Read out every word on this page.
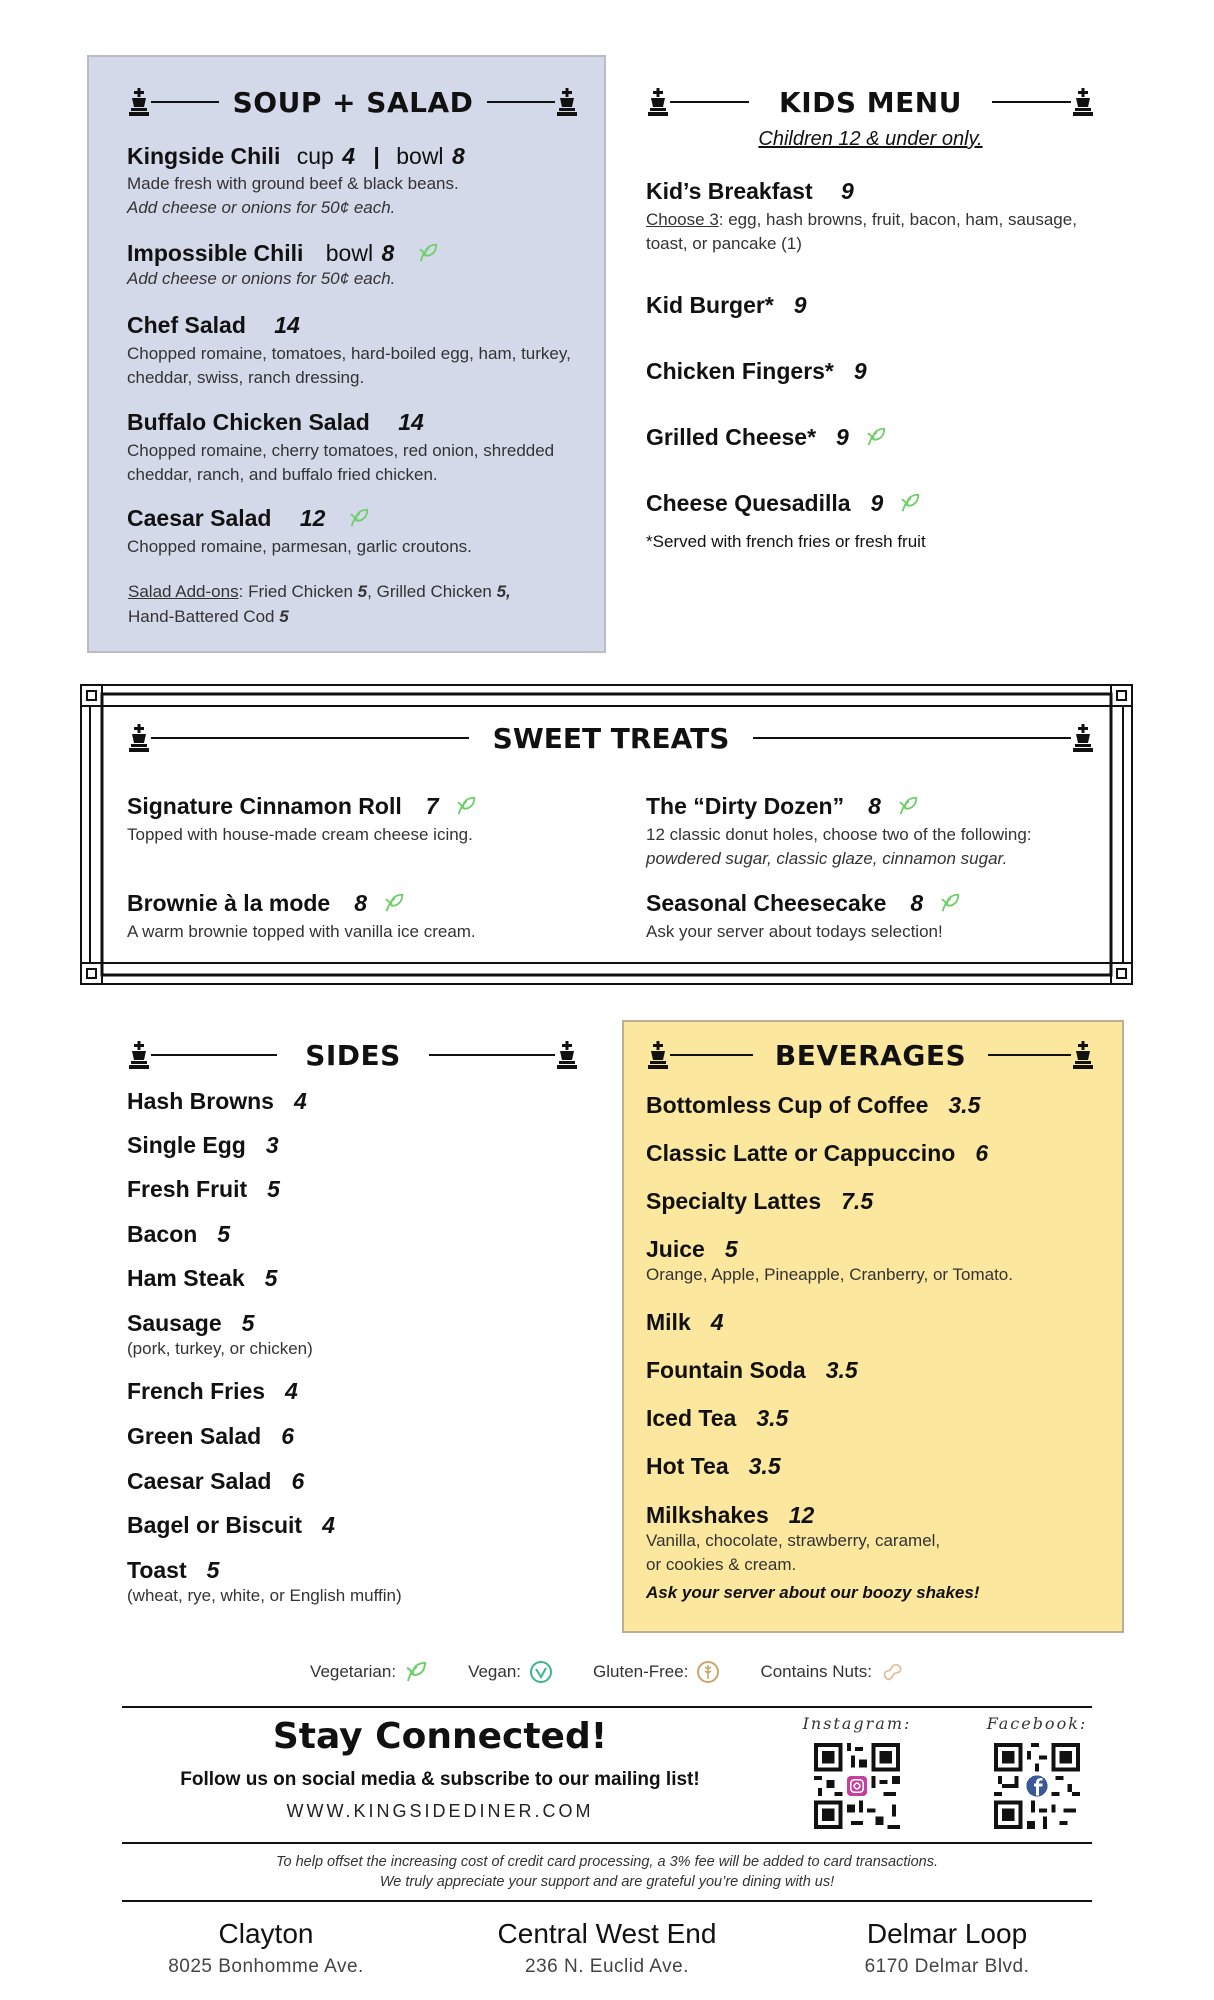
SOUP + SALAD
Kingside Chili cup 4 | bowl 8
Made fresh with ground beef & black beans.
Add cheese or onions for 50¢ each.
Impossible Chili bowl 8
Add cheese or onions for 50¢ each.
Chef Salad 14
Chopped romaine, tomatoes, hard-boiled egg, ham, turkey, cheddar, swiss, ranch dressing.
Buffalo Chicken Salad 14
Chopped romaine, cherry tomatoes, red onion, shredded cheddar, ranch, and buffalo fried chicken.
Caesar Salad 12
Chopped romaine, parmesan, garlic croutons.
Salad Add-ons: Fried Chicken 5, Grilled Chicken 5,
Hand-Battered Cod 5
KIDS MENU
Children 12 & under only.
Kid’s Breakfast 9
Choose 3: egg, hash browns, fruit, bacon, ham, sausage, toast, or pancake (1)
Kid Burger* 9
Chicken Fingers* 9
Grilled Cheese* 9
Cheese Quesadilla 9
*Served with french fries or fresh fruit
SWEET TREATS
Signature Cinnamon Roll 7
Topped with house-made cream cheese icing.
The “Dirty Dozen” 8
12 classic donut holes, choose two of the following:
powdered sugar, classic glaze, cinnamon sugar.
Brownie à la mode 8
A warm brownie topped with vanilla ice cream.
Seasonal Cheesecake 8
Ask your server about todays selection!
SIDES
Hash Browns 4
Single Egg 3
Fresh Fruit 5
Bacon 5
Ham Steak 5
Sausage 5
(pork, turkey, or chicken)
French Fries 4
Green Salad 6
Caesar Salad 6
Bagel or Biscuit 4
Toast 5
(wheat, rye, white, or English muffin)
BEVERAGES
Bottomless Cup of Coffee 3.5
Classic Latte or Cappuccino 6
Specialty Lattes 7.5
Juice 5
Orange, Apple, Pineapple, Cranberry, or Tomato.
Milk 4
Fountain Soda 3.5
Iced Tea 3.5
Hot Tea 3.5
Milkshakes 12
Vanilla, chocolate, strawberry, caramel,
or cookies & cream.
Ask your server about our boozy shakes!
Vegetarian:	Vegan:	Gluten-Free:	Contains Nuts:
Stay Connected!
Follow us on social media & subscribe to our mailing list!
WWW.KINGSIDEDINER.COM
Instagram:	Facebook:
To help offset the increasing cost of credit card processing, a 3% fee will be added to card transactions.
We truly appreciate your support and are grateful you’re dining with us!
Clayton
8025 Bonhomme Ave.
Central West End
236 N. Euclid Ave.
Delmar Loop
6170 Delmar Blvd.
